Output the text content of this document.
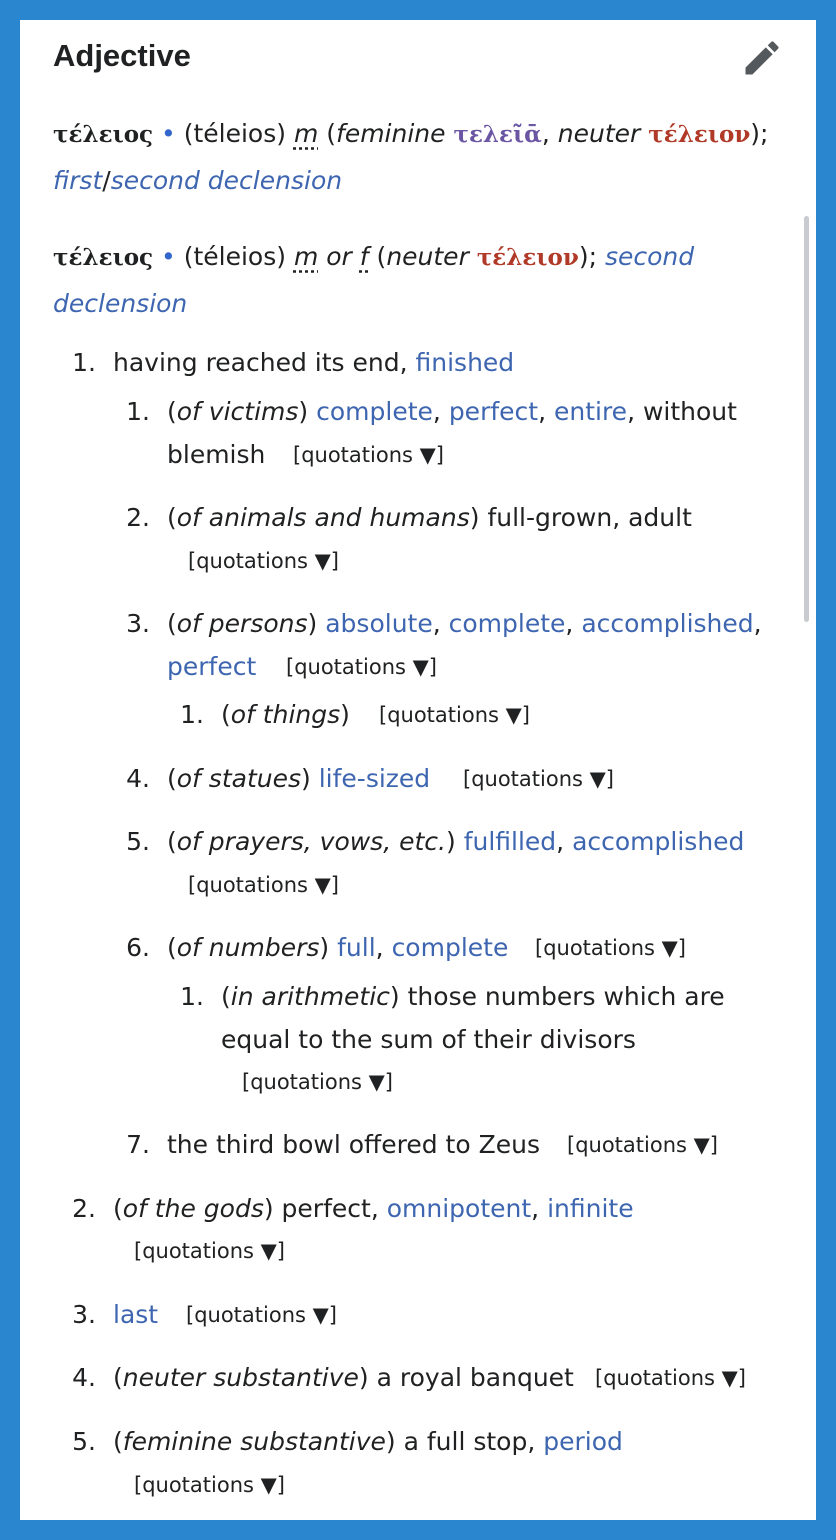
Adjective
τέλειος • (téleios) m (feminine τελεῖᾱ, neuter τέλειον);
first/second declension
τέλειος • (téleios) m or f (neuter τέλειον); second
declension
1. having reached its end, finished
1. (of victims) complete, perfect, entire, without
blemish [quotations ▼]
2. (of animals and humans) full-grown, adult
[quotations ▼]
3. (of persons) absolute, complete, accomplished,
perfect [quotations ▼]
1. (of things) [quotations ▼]
4. (of statues) life-sized [quotations ▼]
5. (of prayers, vows, etc.) fulfilled, accomplished
[quotations ▼]
6. (of numbers) full, complete [quotations ▼]
1. (in arithmetic) those numbers which are
equal to the sum of their divisors
[quotations ▼]
7. the third bowl offered to Zeus [quotations ▼]
2. (of the gods) perfect, omnipotent, infinite
[quotations ▼]
3. last [quotations ▼]
4. (neuter substantive) a royal banquet [quotations ▼]
5. (feminine substantive) a full stop, period
[quotations ▼]
